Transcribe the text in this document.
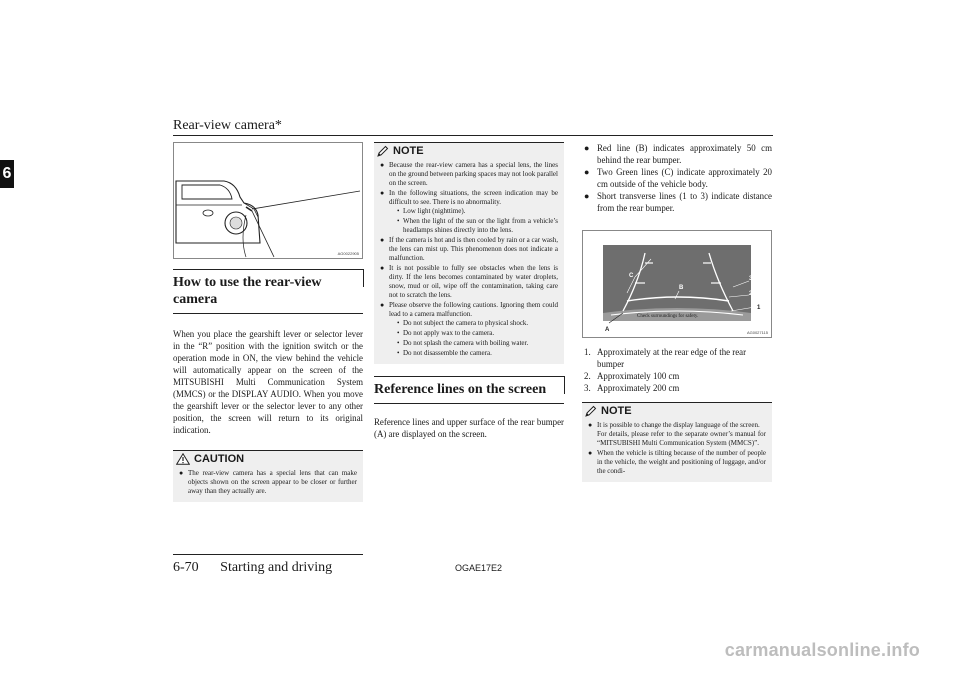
Rear-view camera*
6
AG0022905
How to use the rear-view camera

When you place the gearshift lever or selector lever in the “R” position with the ignition switch or the operation mode in ON, the view behind the vehicle will automatically appear on the screen of the MITSUBISHI Multi Communication System (MMCS) or the DISPLAY AUDIO. When you move the gearshift lever or the selector lever to any other position, the screen will return to its original indication.

CAUTION
● The rear-view camera has a special lens that can make objects shown on the screen appear to be closer or further away than they actually are.
NOTE
● Because the rear-view camera has a special lens, the lines on the ground between parking spaces may not look parallel on the screen.
● In the following situations, the screen indication may be difficult to see. There is no abnormality.
• Low light (nighttime).
• When the light of the sun or the light from a vehicle’s headlamps shines directly into the lens.
● If the camera is hot and is then cooled by rain or a car wash, the lens can mist up. This phenomenon does not indicate a malfunction.
● It is not possible to fully see obstacles when the lens is dirty. If the lens becomes contaminated by water droplets, snow, mud or oil, wipe off the contamination, taking care not to scratch the lens.
● Please observe the following cautions. Ignoring them could lead to a camera malfunction.
• Do not subject the camera to physical shock.
• Do not apply wax to the camera.
• Do not splash the camera with boiling water.
• Do not disassemble the camera.
Reference lines on the screen

Reference lines and upper surface of the rear bumper (A) are displayed on the screen.

● Red line (B) indicates approximately 50 cm behind the rear bumper.
● Two Green lines (C) indicate approximately 20 cm outside of the vehicle body.
● Short transverse lines (1 to 3) indicate distance from the rear bumper.
C
B
3
2
1
A
Check surroundings for safety.
AG0027115
1. Approximately at the rear edge of the rear bumper
2. Approximately 100 cm
3. Approximately 200 cm
NOTE
● It is possible to change the display language of the screen.
For details, please refer to the separate owner’s manual for “MITSUBISHI Multi Communication System (MMCS)”.
● When the vehicle is tilting because of the number of people in the vehicle, the weight and positioning of luggage, and/or the condi-
6-70 Starting and driving	OGAE17E2
carmanualsonline.info
